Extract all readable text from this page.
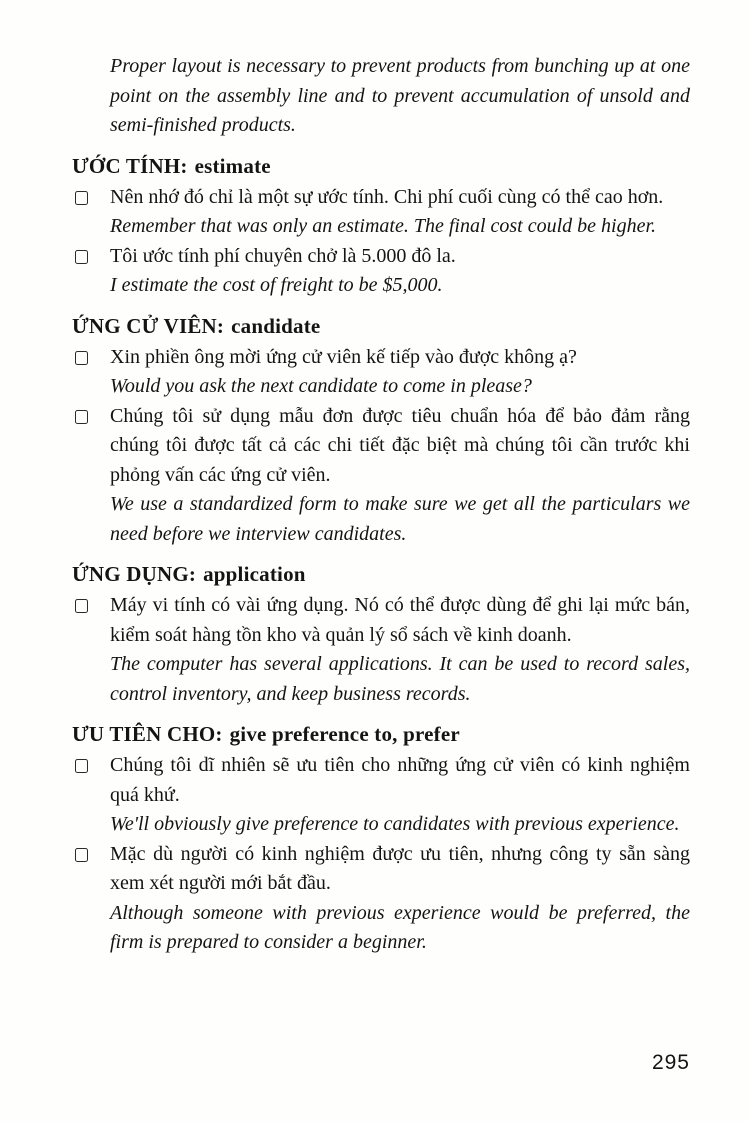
Proper layout is necessary to prevent products from bunching up at one point on the assembly line and to prevent accumulation of unsold and semi-finished products.

ƯỚC TÍNH: estimate

Nên nhớ đó chỉ là một sự ước tính. Chi phí cuối cùng có thể cao hơn.

Remember that was only an estimate. The final cost could be higher.

Tôi ước tính phí chuyên chở là 5.000 đô la.

I estimate the cost of freight to be $5,000.

ỨNG CỬ VIÊN: candidate

Xin phiền ông mời ứng cử viên kế tiếp vào được không ạ?

Would you ask the next candidate to come in please?

Chúng tôi sử dụng mẫu đơn được tiêu chuẩn hóa để bảo đảm rằng chúng tôi được tất cả các chi tiết đặc biệt mà chúng tôi cần trước khi phỏng vấn các ứng cử viên.

We use a standardized form to make sure we get all the particulars we need before we interview candidates.

ỨNG DỤNG: application

Máy vi tính có vài ứng dụng. Nó có thể được dùng để ghi lại mức bán, kiểm soát hàng tồn kho và quản lý sổ sách về kinh doanh.

The computer has several applications. It can be used to record sales, control inventory, and keep business records.

ƯU TIÊN CHO: give preference to, prefer

Chúng tôi dĩ nhiên sẽ ưu tiên cho những ứng cử viên có kinh nghiệm quá khứ.

We'll obviously give preference to candidates with previous experience.

Mặc dù người có kinh nghiệm được ưu tiên, nhưng công ty sẵn sàng xem xét người mới bắt đầu.

Although someone with previous experience would be preferred, the firm is prepared to consider a beginner.

295
